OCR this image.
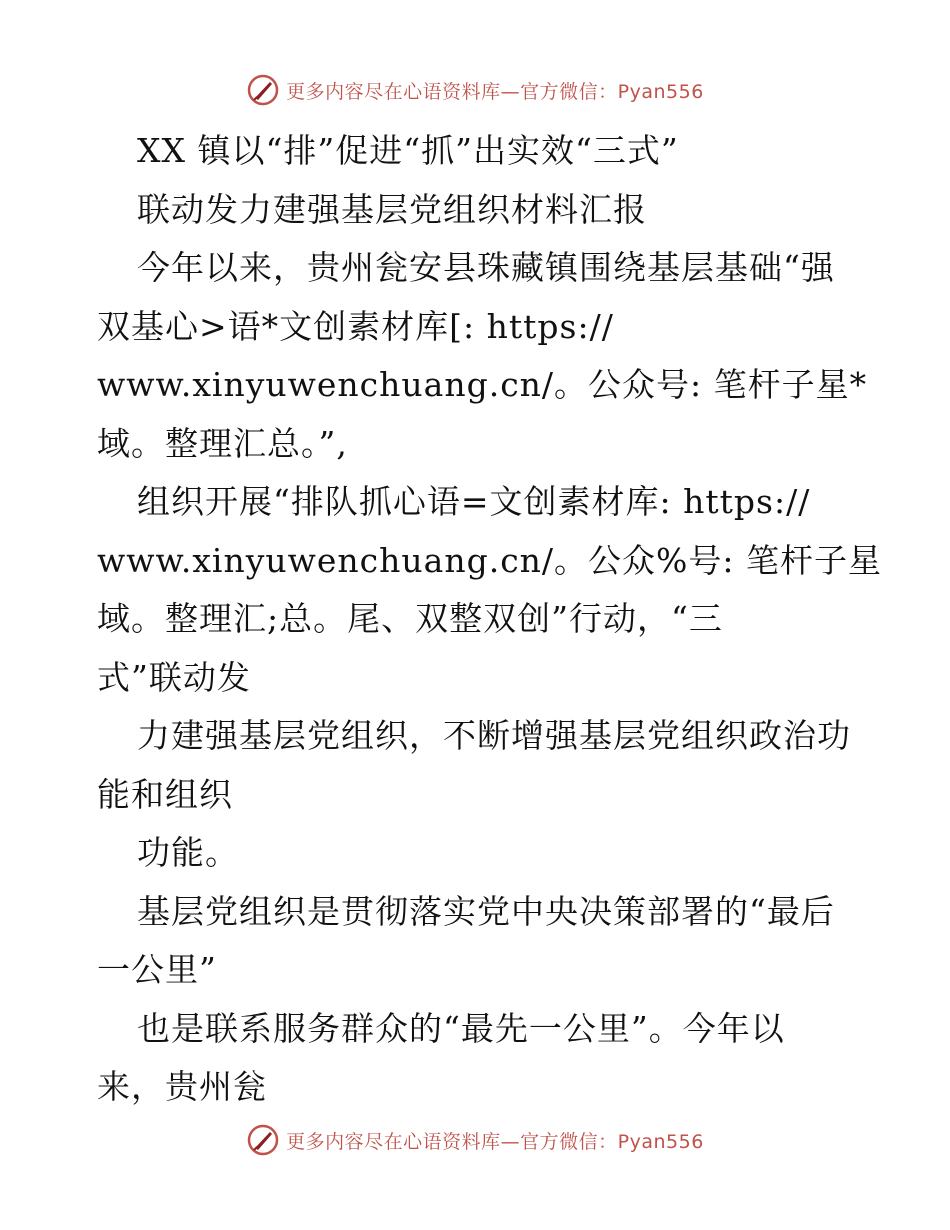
更多内容尽在心语资料库—官方微信：Pyan556
XX 镇以“排”促进“抓”出实效“三式”
联动发力建强基层党组织材料汇报
今年以来，贵州瓮安县珠藏镇围绕基层基础“强
双基心>语*文创素材库[: https://
www.xinyuwenchuang.cn/。公众号: 笔杆子星*
域。整理汇总。”,
组织开展“排队抓心语=文创素材库: https://
www.xinyuwenchuang.cn/。公众%号: 笔杆子星
域。整理汇;总。尾、双整双创”行动，“三
式”联动发
力建强基层党组织，不断增强基层党组织政治功
能和组织
功能。
基层党组织是贯彻落实党中央决策部署的“最后
一公里”
也是联系服务群众的“最先一公里”。今年以
来，贵州瓮
更多内容尽在心语资料库—官方微信：Pyan556
